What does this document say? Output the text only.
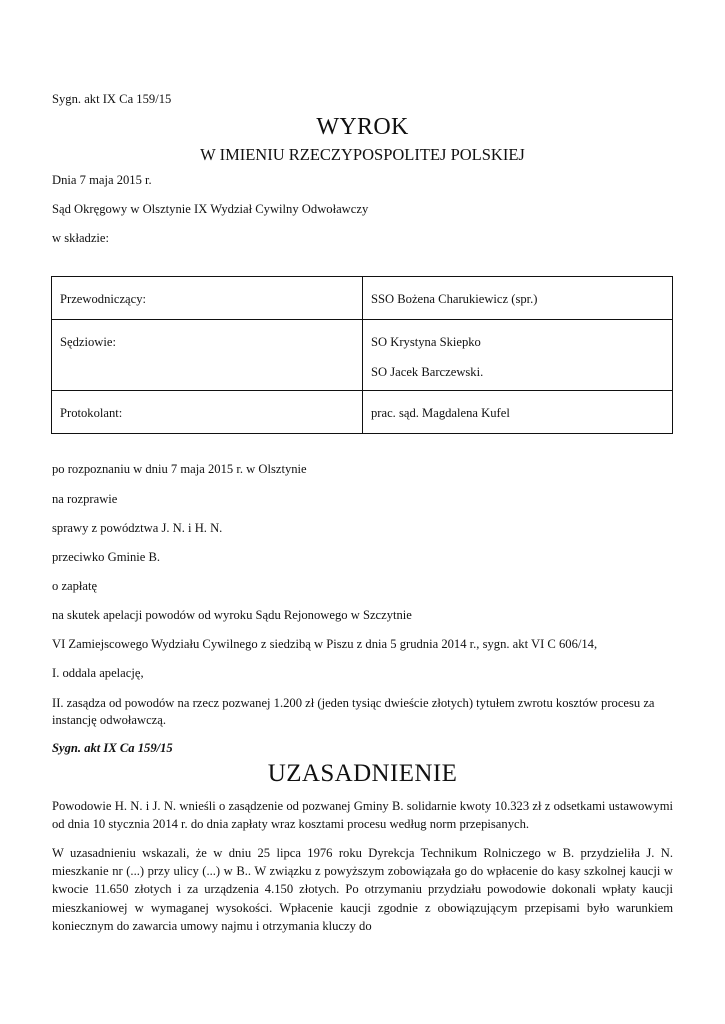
Sygn. akt IX Ca 159/15
WYROK
W IMIENIU RZECZYPOSPOLITEJ POLSKIEJ
Dnia 7 maja 2015 r.
Sąd Okręgowy w Olsztynie IX Wydział Cywilny Odwoławczy
w składzie:
Przewodniczący:	SSO Bożena Charukiewicz (spr.)

Sędziowie:	SO Krystyna Skiepko
SO Jacek Barczewski.

Protokolant:	prac. sąd. Magdalena Kufel
po rozpoznaniu w dniu 7 maja 2015 r. w Olsztynie
na rozprawie
sprawy z powództwa J. N. i H. N.
przeciwko Gminie B.
o zapłatę
na skutek apelacji powodów od wyroku Sądu Rejonowego w Szczytnie
VI Zamiejscowego Wydziału Cywilnego z siedzibą w Piszu z dnia 5 grudnia 2014 r., sygn. akt VI C 606/14,
I. oddala apelację,
II. zasądza od powodów na rzecz pozwanej 1.200 zł (jeden tysiąc dwieście złotych) tytułem zwrotu kosztów procesu za instancję odwoławczą.
Sygn. akt IX Ca 159/15
UZASADNIENIE
Powodowie H. N. i J. N. wnieśli o zasądzenie od pozwanej Gminy B. solidarnie kwoty 10.323 zł z odsetkami ustawowymi od dnia 10 stycznia 2014 r. do dnia zapłaty wraz kosztami procesu według norm przepisanych.
W uzasadnieniu wskazali, że w dniu 25 lipca 1976 roku Dyrekcja Technikum Rolniczego w B. przydzieliła J. N. mieszkanie nr (...) przy ulicy (...) w B.. W związku z powyższym zobowiązała go do wpłacenie do kasy szkolnej kaucji w kwocie 11.650 złotych i za urządzenia 4.150 złotych. Po otrzymaniu przydziału powodowie dokonali wpłaty kaucji mieszkaniowej w wymaganej wysokości. Wpłacenie kaucji zgodnie z obowiązującym przepisami było warunkiem koniecznym do zawarcia umowy najmu i otrzymania kluczy do
